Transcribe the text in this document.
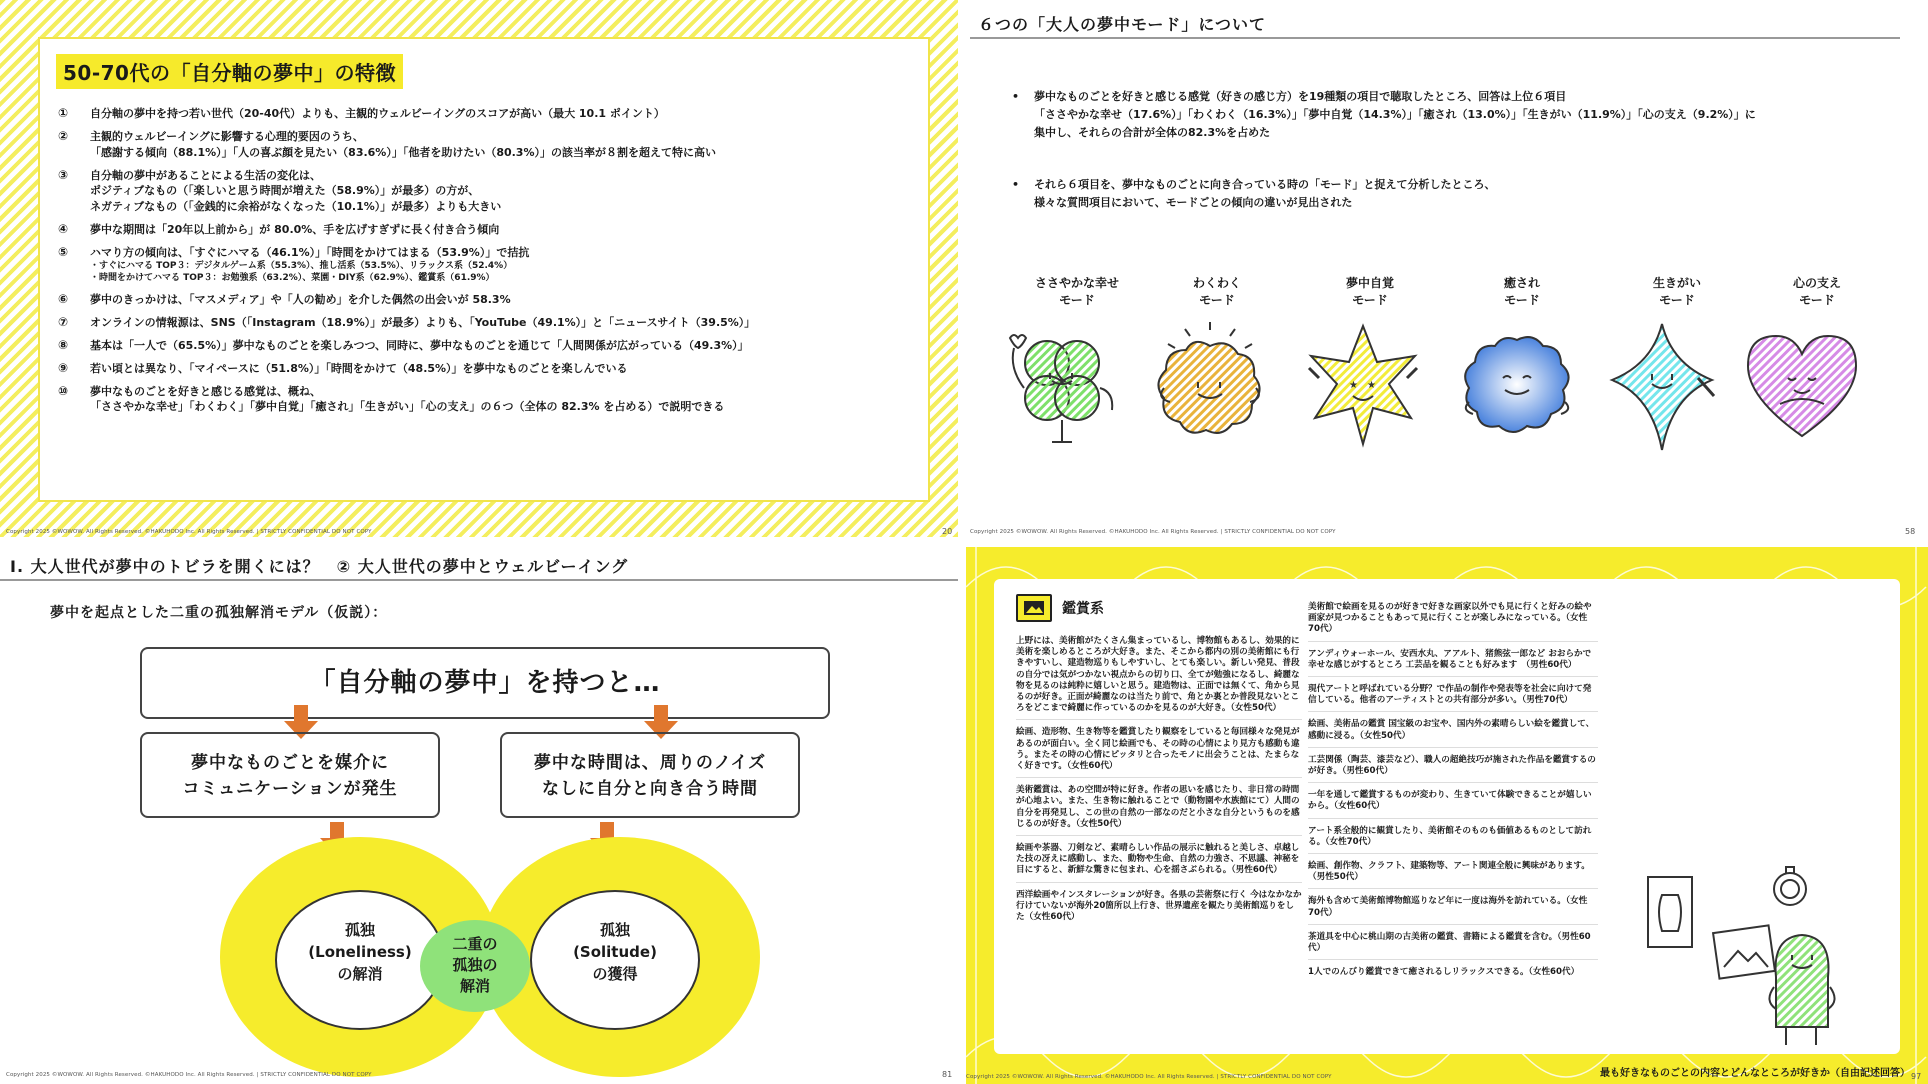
50-70代の「自分軸の夢中」の特徴
①	自分軸の夢中を持つ若い世代（20-40代）よりも、主観的ウェルビーイングのスコアが高い（最大 10.1 ポイント）
②	主観的ウェルビーイングに影響する心理的要因のうち、
「感謝する傾向（88.1%）」「人の喜ぶ顔を見たい（83.6%）」「他者を助けたい（80.3%）」の該当率が８割を超えて特に高い
③	自分軸の夢中があることによる生活の変化は、
ポジティブなもの（「楽しいと思う時間が増えた（58.9%）」が最多）の方が、
ネガティブなもの（「金銭的に余裕がなくなった（10.1%）」が最多）よりも大きい
④	夢中な期間は「20年以上前から」が 80.0%、手を広げすぎずに長く付き合う傾向
⑤	ハマり方の傾向は、「すぐにハマる（46.1%）」「時間をかけてはまる（53.9%）」で拮抗
・すぐにハマる TOP３：デジタルゲーム系（55.3%）、推し活系（53.5%）、リラックス系（52.4%）
・時間をかけてハマる TOP３：お勉強系（63.2%）、菜園・DIY系（62.9%）、鑑賞系（61.9%）
⑥	夢中のきっかけは、「マスメディア」や「人の勧め」を介した偶然の出会いが 58.3%
⑦	オンラインの情報源は、SNS（「Instagram（18.9%）」が最多）よりも、「YouTube（49.1%）」と「ニュースサイト（39.5%）」
⑧	基本は「一人で（65.5%）」夢中なものごとを楽しみつつ、同時に、夢中なものごとを通じて「人間関係が広がっている（49.3%）」
⑨	若い頃とは異なり、「マイペースに（51.8%）」「時間をかけて（48.5%）」を夢中なものごとを楽しんでいる
⑩	夢中なものごとを好きと感じる感覚は、概ね、
「ささやかな幸せ」「わくわく」「夢中自覚」「癒され」「生きがい」「心の支え」の６つ（全体の 82.3% を占める）で説明できる
Copyright 2025 ©WOWOW. All Rights Reserved. ©HAKUHODO Inc. All Rights Reserved. | STRICTLY CONFIDENTIAL DO NOT COPY	20
６つの「大人の夢中モード」について
• 夢中なものごとを好きと感じる感覚（好きの感じ方）を19種類の項目で聴取したところ、回答は上位６項目
「ささやかな幸せ（17.6%）」「わくわく（16.3%）」「夢中自覚（14.3%）」「癒され（13.0%）」「生きがい（11.9%）」「心の支え（9.2%）」に
集中し、それらの合計が全体の82.3%を占めた
• それら６項目を、夢中なものごとに向き合っている時の「モード」と捉えて分析したところ、
様々な質問項目において、モードごとの傾向の違いが見出された
ささやかな幸せ
モード
わくわく
モード
夢中自覚
モード
癒され
モード
生きがい
モード
心の支え
モード
★ ★
Copyright 2025 ©WOWOW. All Rights Reserved. ©HAKUHODO Inc. All Rights Reserved. | STRICTLY CONFIDENTIAL DO NOT COPY	58
I. 大人世代が夢中のトビラを開くには？　② 大人世代の夢中とウェルビーイング
夢中を起点とした二重の孤独解消モデル（仮説）：
「自分軸の夢中」を持つと…
夢中なものごとを媒介に
コミュニケーションが発生
夢中な時間は、周りのノイズ
なしに自分と向き合う時間
孤独
(Loneliness)
の解消
孤独
(Solitude)
の獲得
二重の
孤独の
解消
Copyright 2025 ©WOWOW. All Rights Reserved. ©HAKUHODO Inc. All Rights Reserved. | STRICTLY CONFIDENTIAL DO NOT COPY	81
鑑賞系
上野には、美術館がたくさん集まっているし、博物館もあるし、効果的に美術を楽しめるところが大好き。また、そこから都内の別の美術館にも行きやすいし、建造物巡りもしやすいし、とても楽しい。新しい発見、普段の自分では気がつかない視点からの切り口、全てが勉強になるし、綺麗な物を見るのは純粋に嬉しいと思う。建造物は、正面では無くて、角から見るのが好き。正面が綺麗なのは当たり前で、角とか裏とか普段見ないところをどこまで綺麗に作っているのかを見るのが大好き。（女性50代）
絵画、造形物、生き物等を鑑賞したり観察をしていると毎回様々な発見があるのが面白い。全く同じ絵画でも、その時の心情により見方も感動も違う。またその時の心情にピッタリと合ったモノに出会うことは、たまらなく好きです。（女性60代）
美術鑑賞は、あの空間が特に好き。作者の思いを感じたり、非日常の時間が心地よい。また、生き物に触れることで（動物園や水族館にて）人間の自分を再発見し、この世の自然の一部なのだと小さな自分というものを感じるのが好き。（女性50代）
絵画や茶器、刀剣など、素晴らしい作品の展示に触れると美しさ、卓越した技の冴えに感動し、また、動物や生命、自然の力強さ、不思議、神秘を目にすると、新鮮な驚きに包まれ、心を揺さぶられる。（男性60代）
西洋絵画やインスタレーションが好き。各県の芸術祭に行く 今はなかなか行けていないが海外20箇所以上行き、世界遺産を観たり美術館巡りをした（女性60代）
美術館で絵画を見るのが好きで好きな画家以外でも見に行くと好みの絵や画家が見つかることもあって見に行くことが楽しみになっている。（女性70代）
アンディウォーホール、安西水丸、アアルト、猪熊弦一郎など おおらかで幸せな感じがするところ 工芸品を観ることも好みます　（男性60代）
現代アートと呼ばれている分野？で作品の制作や発表等を社会に向けて発信している。他者のアーティストとの共有部分が多い。（男性70代）
絵画、美術品の鑑賞 国宝級のお宝や、国内外の素晴らしい絵を鑑賞して、感動に浸る。（女性50代）
工芸関係（陶芸、漆芸など）、職人の超絶技巧が施された作品を鑑賞するのが好き。（男性60代）
一年を通して鑑賞するものが変わり、生きていて体験できることが嬉しいから。（女性60代）
アート系全般的に観賞したり、美術館そのものも価値あるものとして訪れる。（女性70代）
絵画、創作物、クラフト、建築物等、アート関連全般に興味があります。（男性50代）
海外も含めて美術館博物館巡りなど年に一度は海外を訪れている。（女性70代）
茶道具を中心に桃山期の古美術の鑑賞、書籍による鑑賞を含む。（男性60代）
1人でのんびり鑑賞できて癒されるしリラックスできる。（女性60代）
最も好きなものごとの内容とどんなところが好きか（自由記述回答）
Copyright 2025 ©WOWOW. All Rights Reserved. ©HAKUHODO Inc. All Rights Reserved. | STRICTLY CONFIDENTIAL DO NOT COPY	97
